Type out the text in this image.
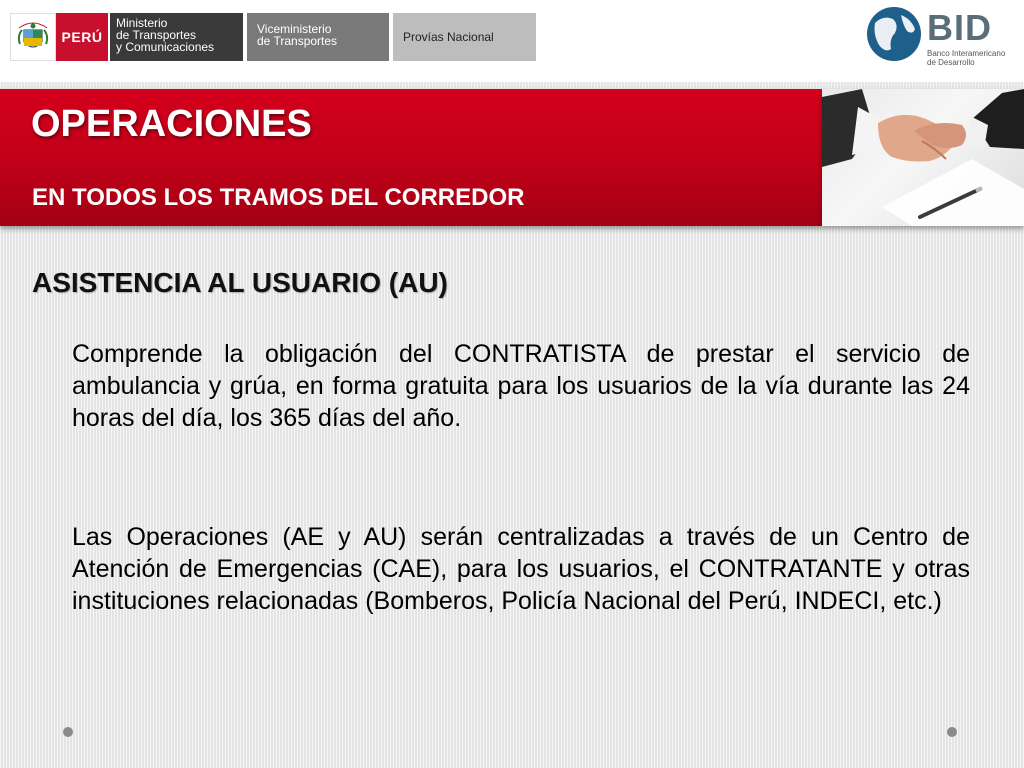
PERÚ
Ministerio
de Transportes
y Comunicaciones
Viceministerio
de Transportes	Provías Nacional	BID
Banco Interamericano
de Desarrollo
OPERACIONES
EN TODOS LOS TRAMOS DEL CORREDOR
ASISTENCIA AL USUARIO (AU)
Comprende la obligación del CONTRATISTA de prestar el servicio de ambulancia y grúa, en forma gratuita para los usuarios de la vía durante las 24 horas del día, los 365 días del año.
Las Operaciones (AE y AU) serán centralizadas a través de un Centro de Atención de Emergencias (CAE), para los usuarios, el CONTRATANTE y otras instituciones relacionadas (Bomberos, Policía Nacional del Perú, INDECI, etc.)
